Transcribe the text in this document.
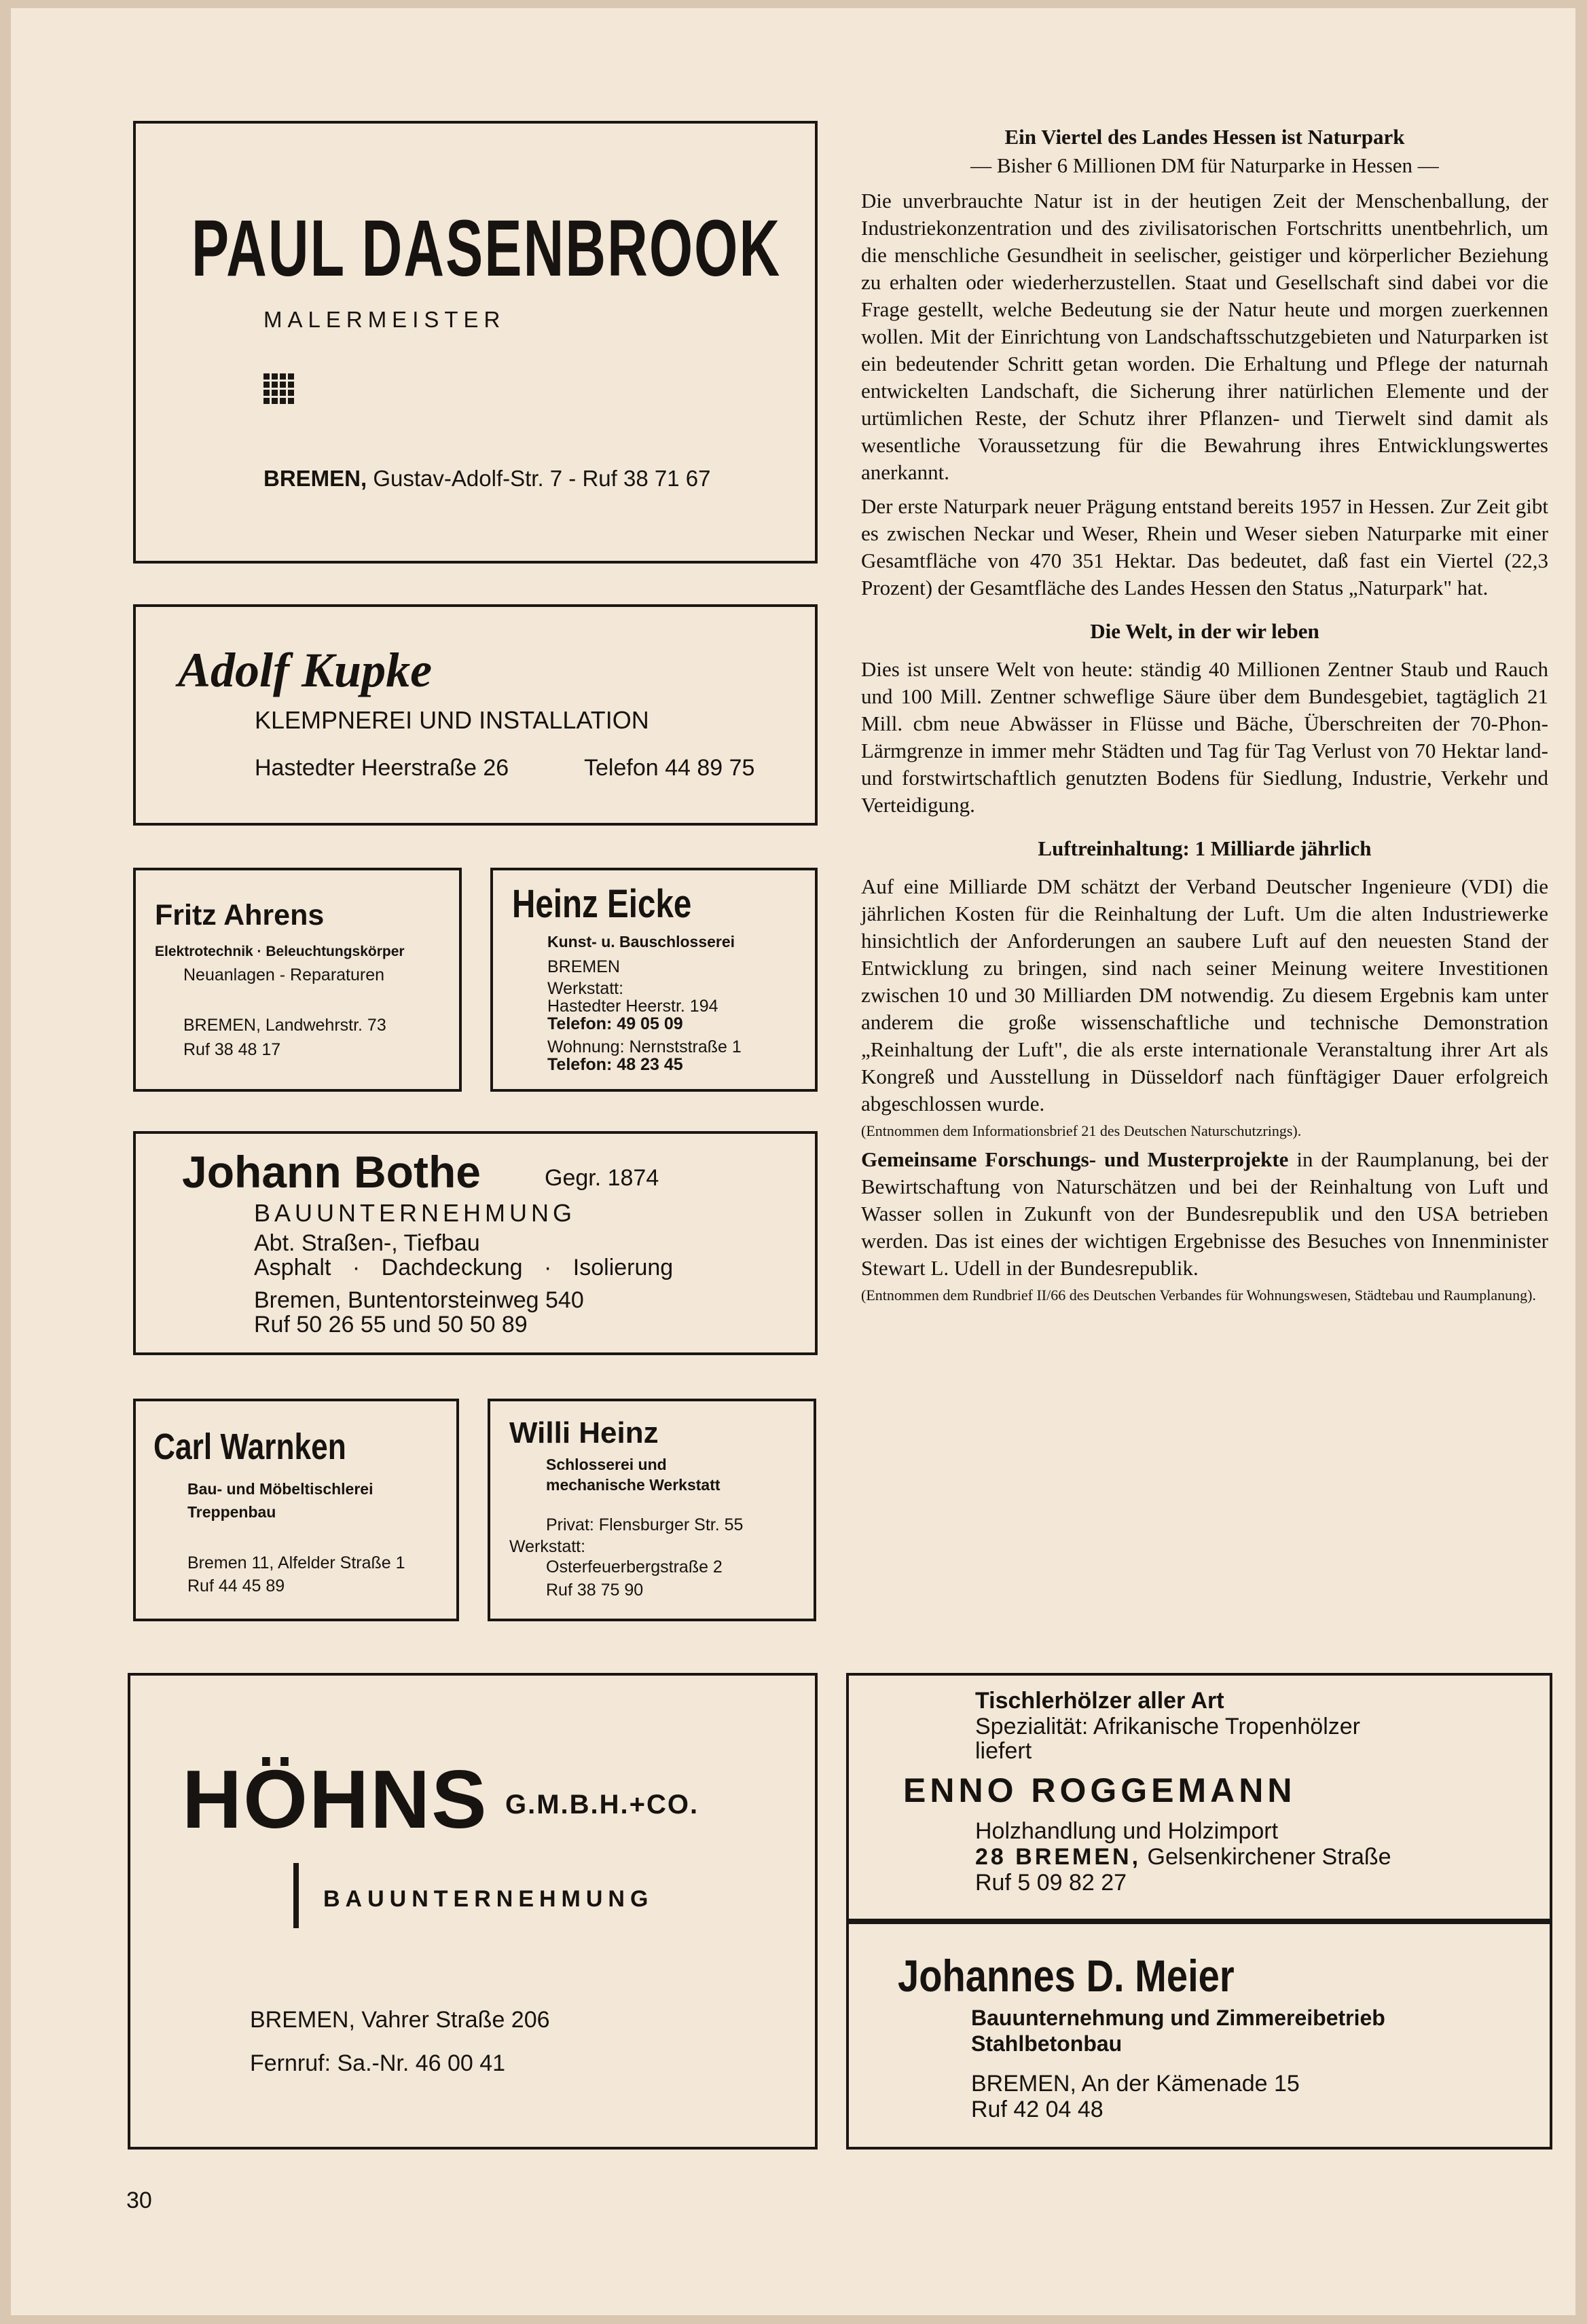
PAUL DASENBROOK
MALERMEISTER
BREMEN, Gustav-Adolf-Str. 7 - Ruf 38 71 67
Adolf Kupke
KLEMPNEREI UND INSTALLATION
Hastedter Heerstraße 26	Telefon 44 89 75
Fritz Ahrens
Elektrotechnik · Beleuchtungskörper
Neuanlagen - Reparaturen
BREMEN, Landwehrstr. 73
Ruf 38 48 17
Heinz Eicke
Kunst- u. Bauschlosserei
BREMEN
Werkstatt:
Hastedter Heerstr. 194
Telefon: 49 05 09
Wohnung: Nernststraße 1
Telefon: 48 23 45
Johann Bothe	Gegr. 1874
BAUUNTERNEHMUNG
Abt. Straßen-, Tiefbau
Asphalt · Dachdeckung · Isolierung
Bremen, Buntentorsteinweg 540
Ruf 50 26 55 und 50 50 89
Carl Warnken
Bau- und Möbeltischlerei
Treppenbau
Bremen 11, Alfelder Straße 1
Ruf 44 45 89
Willi Heinz
Schlosserei und
mechanische Werkstatt
Privat: Flensburger Str. 55
Werkstatt:
Osterfeuerbergstraße 2
Ruf 38 75 90
HÖHNS G.M.B.H.+CO.
BAUUNTERNEHMUNG
BREMEN, Vahrer Straße 206
Fernruf: Sa.-Nr. 46 00 41
Tischlerhölzer aller Art
Spezialität: Afrikanische Tropenhölzer
liefert
ENNO ROGGEMANN
Holzhandlung und Holzimport
28 BREMEN, Gelsenkirchener Straße
Ruf 5 09 82 27
Johannes D. Meier
Bauunternehmung und Zimmereibetrieb
Stahlbetonbau
BREMEN, An der Kämenade 15
Ruf 42 04 48
Ein Viertel des Landes Hessen ist Naturpark
— Bisher 6 Millionen DM für Naturparke in Hessen —

Die unverbrauchte Natur ist in der heutigen Zeit der Menschenballung, der Industriekonzentration und des zivilisatorischen Fortschritts unentbehrlich, um die menschliche Gesundheit in seelischer, geistiger und körperlicher Beziehung zu erhalten oder wiederherzustellen. Staat und Gesellschaft sind dabei vor die Frage gestellt, welche Bedeutung sie der Natur heute und morgen zuerkennen wollen. Mit der Einrichtung von Landschaftsschutzgebieten und Naturparken ist ein bedeutender Schritt getan worden. Die Erhaltung und Pflege der naturnah entwickelten Landschaft, die Sicherung ihrer natürlichen Elemente und der urtümlichen Reste, der Schutz ihrer Pflanzen- und Tierwelt sind damit als wesentliche Voraussetzung für die Bewahrung ihres Entwicklungswertes anerkannt.

Der erste Naturpark neuer Prägung entstand bereits 1957 in Hessen. Zur Zeit gibt es zwischen Neckar und Weser, Rhein und Weser sieben Naturparke mit einer Gesamtfläche von 470 351 Hektar. Das bedeutet, daß fast ein Viertel (22,3 Prozent) der Gesamtfläche des Landes Hessen den Status „Naturpark" hat.

Die Welt, in der wir leben

Dies ist unsere Welt von heute: ständig 40 Millionen Zentner Staub und Rauch und 100 Mill. Zentner schweflige Säure über dem Bundesgebiet, tagtäglich 21 Mill. cbm neue Abwässer in Flüsse und Bäche, Überschreiten der 70-Phon-Lärmgrenze in immer mehr Städten und Tag für Tag Verlust von 70 Hektar land- und forstwirtschaftlich genutzten Bodens für Siedlung, Industrie, Verkehr und Verteidigung.

Luftreinhaltung: 1 Milliarde jährlich

Auf eine Milliarde DM schätzt der Verband Deutscher Ingenieure (VDI) die jährlichen Kosten für die Reinhaltung der Luft. Um die alten Industriewerke hinsichtlich der Anforderungen an saubere Luft auf den neuesten Stand der Entwicklung zu bringen, sind nach seiner Meinung weitere Investitionen zwischen 10 und 30 Milliarden DM notwendig. Zu diesem Ergebnis kam unter anderem die große wissenschaftliche und technische Demonstration „Reinhaltung der Luft", die als erste internationale Veranstaltung ihrer Art als Kongreß und Ausstellung in Düsseldorf nach fünftägiger Dauer erfolgreich abgeschlossen wurde.

(Entnommen dem Informationsbrief 21 des Deutschen Naturschutzrings).

Gemeinsame Forschungs- und Musterprojekte in der Raumplanung, bei der Bewirtschaftung von Naturschätzen und bei der Reinhaltung von Luft und Wasser sollen in Zukunft von der Bundesrepublik und den USA betrieben werden. Das ist eines der wichtigen Ergebnisse des Besuches von Innenminister Stewart L. Udell in der Bundesrepublik.

(Entnommen dem Rundbrief II/66 des Deutschen Verbandes für Wohnungswesen, Städtebau und Raumplanung).
30
